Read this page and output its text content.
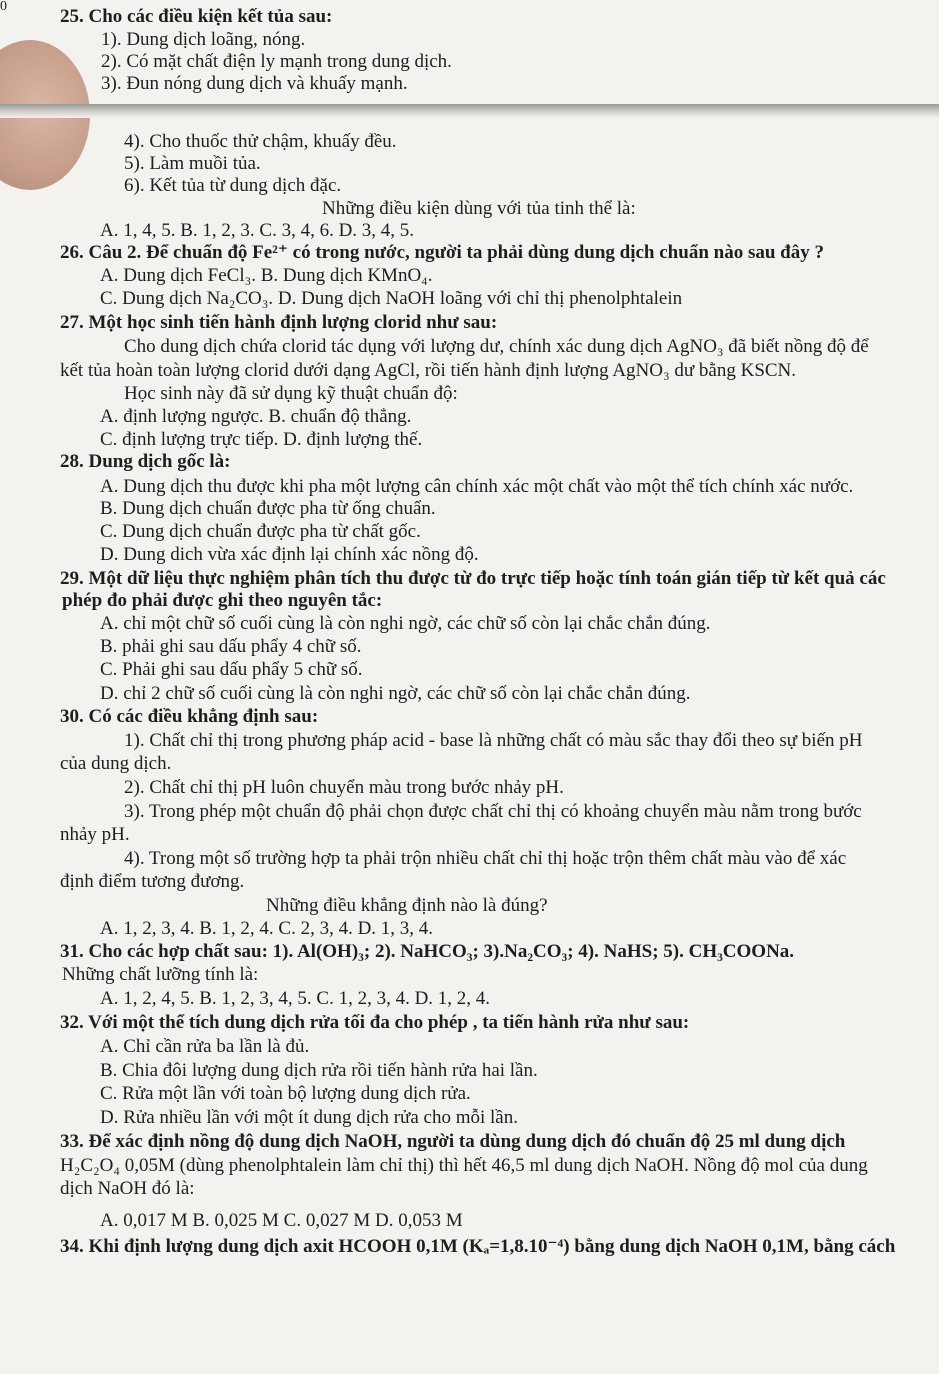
0	25. Cho các điều kiện kết tủa sau:
1). Dung dịch loãng, nóng.
2). Có mặt chất điện ly mạnh trong dung dịch.
3). Đun nóng dung dịch và khuấy mạnh.
4). Cho thuốc thử chậm, khuấy đều.
5). Làm muồi tủa.
6). Kết tủa từ dung dịch đặc.
Những điều kiện dùng với tủa tinh thể là:
A. 1, 4, 5. B. 1, 2, 3. C. 3, 4, 6. D. 3, 4, 5.
26. Câu 2. Để chuẩn độ Fe²⁺ có trong nước, người ta phải dùng dung dịch chuẩn nào sau đây ?
A. Dung dịch FeCl₃. B. Dung dịch KMnO₄.
C. Dung dịch Na₂CO₃. D. Dung dịch NaOH loãng với chỉ thị phenolphtalein
27. Một học sinh tiến hành định lượng clorid như sau:
Cho dung dịch chứa clorid tác dụng với lượng dư, chính xác dung dịch AgNO₃ đã biết nồng độ để
kết tủa hoàn toàn lượng clorid dưới dạng AgCl, rồi tiến hành định lượng AgNO₃ dư bằng KSCN.
Học sinh này đã sử dụng kỹ thuật chuẩn độ:
A. định lượng ngược. B. chuẩn độ thẳng.
C. định lượng trực tiếp. D. định lượng thế.
28. Dung dịch gốc là:
A. Dung dịch thu được khi pha một lượng cân chính xác một chất vào một thể tích chính xác nước.
B. Dung dịch chuẩn được pha từ ống chuẩn.
C. Dung dịch chuẩn được pha từ chất gốc.
D. Dung dich vừa xác định lại chính xác nồng độ.
29. Một dữ liệu thực nghiệm phân tích thu được từ đo trực tiếp hoặc tính toán gián tiếp từ kết quả các
phép đo phải được ghi theo nguyên tắc:
A. chỉ một chữ số cuối cùng là còn nghi ngờ, các chữ số còn lại chắc chắn đúng.
B. phải ghi sau dấu phẩy 4 chữ số.
C. Phải ghi sau dấu phẩy 5 chữ số.
D. chỉ 2 chữ số cuối cùng là còn nghi ngờ, các chữ số còn lại chắc chắn đúng.
30. Có các điều khẳng định sau:
1). Chất chỉ thị trong phương pháp acid - base là những chất có màu sắc thay đổi theo sự biến pH
của dung dịch.
2). Chất chỉ thị pH luôn chuyển màu trong bước nhảy pH.
3). Trong phép một chuẩn độ phải chọn được chất chỉ thị có khoảng chuyển màu nằm trong bước
nhảy pH.
4). Trong một số trường hợp ta phải trộn nhiều chất chỉ thị hoặc trộn thêm chất màu vào để xác
định điểm tương đương.
Những điều khẳng định nào là đúng?
A. 1, 2, 3, 4. B. 1, 2, 4. C. 2, 3, 4. D. 1, 3, 4.
31. Cho các hợp chất sau: 1). Al(OH)₃; 2). NaHCO₃; 3).Na₂CO₃; 4). NaHS; 5). CH₃COONa.
Những chất lưỡng tính là:
A. 1, 2, 4, 5. B. 1, 2, 3, 4, 5. C. 1, 2, 3, 4. D. 1, 2, 4.
32. Với một thể tích dung dịch rửa tối đa cho phép , ta tiến hành rửa như sau:
A. Chỉ cần rửa ba lần là đủ.
B. Chia đôi lượng dung dịch rửa rồi tiến hành rửa hai lần.
C. Rửa một lần với toàn bộ lượng dung dịch rửa.
D. Rửa nhiều lần với một ít dung dịch rửa cho mỗi lần.
33. Để xác định nồng độ dung dịch NaOH, người ta dùng dung dịch đó chuẩn độ 25 ml dung dịch
H₂C₂O₄ 0,05M (dùng phenolphtalein làm chỉ thị) thì hết 46,5 ml dung dịch NaOH. Nồng độ mol của dung
dịch NaOH đó là:
A. 0,017 M B. 0,025 M C. 0,027 M D. 0,053 M
34. Khi định lượng dung dịch axit HCOOH 0,1M (Kₐ=1,8.10⁻⁴) bằng dung dịch NaOH 0,1M, bằng cách
